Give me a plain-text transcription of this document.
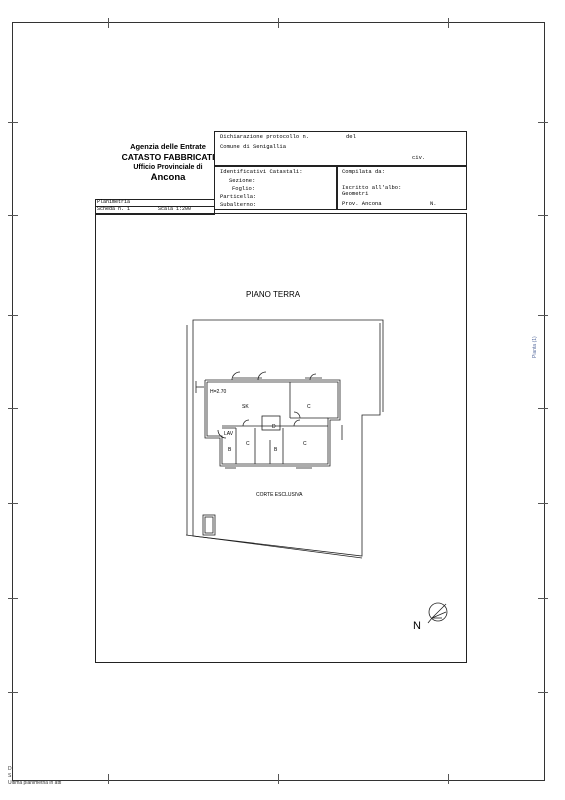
Agenzia delle Entrate
CATASTO FABBRICATI
Ufficio Provinciale di
Ancona
Dichiarazione protocollo n.	del
Comune di Senigallia
civ.
Identificativi Catastali:
Sezione:
Foglio:
Particella:
Subalterno:
Compilata da:
Iscritto all'albo:
Geometri
Prov. Ancona	N.
Planimetria
Scheda n. 1	Scala 1:200
PIANO TERRA
H=2.70
SK	C
D
LAV
B
C
B
C
CORTE ESCLUSIVA
N
Pianta (1)
D
S
Ultima planimetria in atti
